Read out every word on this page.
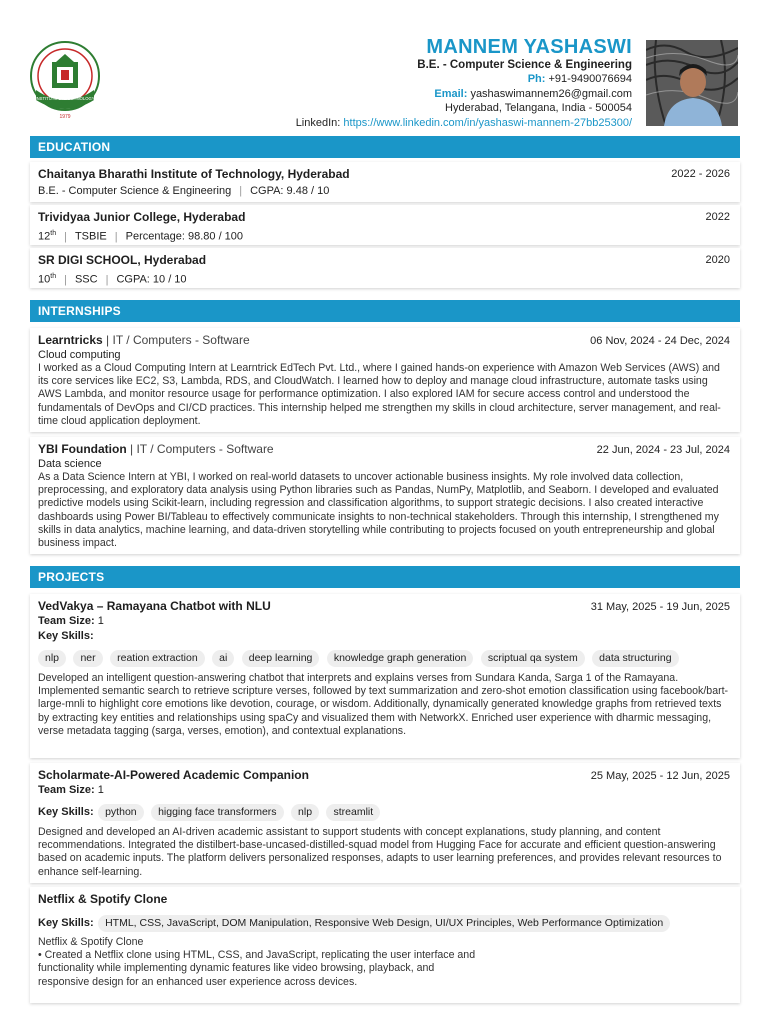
INSTITUTE OF TECHNOLOGY
1979
MANNEM YASHASWI
B.E. - Computer Science & Engineering
Ph: +91-9490076694
Email: yashaswimannem26@gmail.com
Hyderabad, Telangana, India - 500054
LinkedIn: https://www.linkedin.com/in/yashaswi-mannem-27bb25300/
EDUCATION
Chaitanya Bharathi Institute of Technology, Hyderabad	2022 - 2026
B.E. - Computer Science & Engineering | CGPA: 9.48 / 10
Trividyaa Junior College, Hyderabad	2022
12th | TSBIE | Percentage: 98.80 / 100
SR DIGI SCHOOL, Hyderabad	2020
10th | SSC | CGPA: 10 / 10
INTERNSHIPS
Learntricks | IT / Computers - Software	06 Nov, 2024 - 24 Dec, 2024
Cloud computing
I worked as a Cloud Computing Intern at Learntrick EdTech Pvt. Ltd., where I gained hands-on experience with Amazon Web Services (AWS) and its core services like EC2, S3, Lambda, RDS, and CloudWatch. I learned how to deploy and manage cloud infrastructure, automate tasks using AWS Lambda, and monitor resource usage for performance optimization. I also explored IAM for secure access control and understood the fundamentals of DevOps and CI/CD practices. This internship helped me strengthen my skills in cloud architecture, server management, and real-time cloud application deployment.
YBI Foundation | IT / Computers - Software	22 Jun, 2024 - 23 Jul, 2024
Data science
As a Data Science Intern at YBI, I worked on real-world datasets to uncover actionable business insights. My role involved data collection, preprocessing, and exploratory data analysis using Python libraries such as Pandas, NumPy, Matplotlib, and Seaborn. I developed and evaluated predictive models using Scikit-learn, including regression and classification algorithms, to support strategic decisions. I also created interactive dashboards using Power BI/Tableau to effectively communicate insights to non-technical stakeholders. Through this internship, I strengthened my skills in data analytics, machine learning, and data-driven storytelling while contributing to projects focused on youth entrepreneurship and global business impact.
PROJECTS
VedVakya – Ramayana Chatbot with NLU	31 May, 2025 - 19 Jun, 2025
Team Size: 1
Key Skills:
nlp ner reation extraction ai deep learning knowledge graph generation scriptual qa system data structuring
Developed an intelligent question-answering chatbot that interprets and explains verses from Sundara Kanda, Sarga 1 of the Ramayana. Implemented semantic search to retrieve scripture verses, followed by text summarization and zero-shot emotion classification using facebook/bart-large-mnli to highlight core emotions like devotion, courage, or wisdom. Additionally, dynamically generated knowledge graphs from retrieved texts by extracting key entities and relationships using spaCy and visualized them with NetworkX. Enriched user experience with dharmic messaging, verse metadata tagging (sarga, verses, emotion), and contextual explanations.
Scholarmate-AI-Powered Academic Companion	25 May, 2025 - 12 Jun, 2025
Team Size: 1
Key Skills: python higging face transformers nlp streamlit
Designed and developed an AI-driven academic assistant to support students with concept explanations, study planning, and content recommendations. Integrated the distilbert-base-uncased-distilled-squad model from Hugging Face for accurate and efficient question-answering based on academic inputs. The platform delivers personalized responses, adapts to user learning preferences, and provides relevant resources to enhance self-learning.
Netflix & Spotify Clone
Key Skills: HTML, CSS, JavaScript, DOM Manipulation, Responsive Web Design, UI/UX Principles, Web Performance Optimization
Netflix & Spotify Clone
• Created a Netflix clone using HTML, CSS, and JavaScript, replicating the user interface and
functionality while implementing dynamic features like video browsing, playback, and
responsive design for an enhanced user experience across devices.
